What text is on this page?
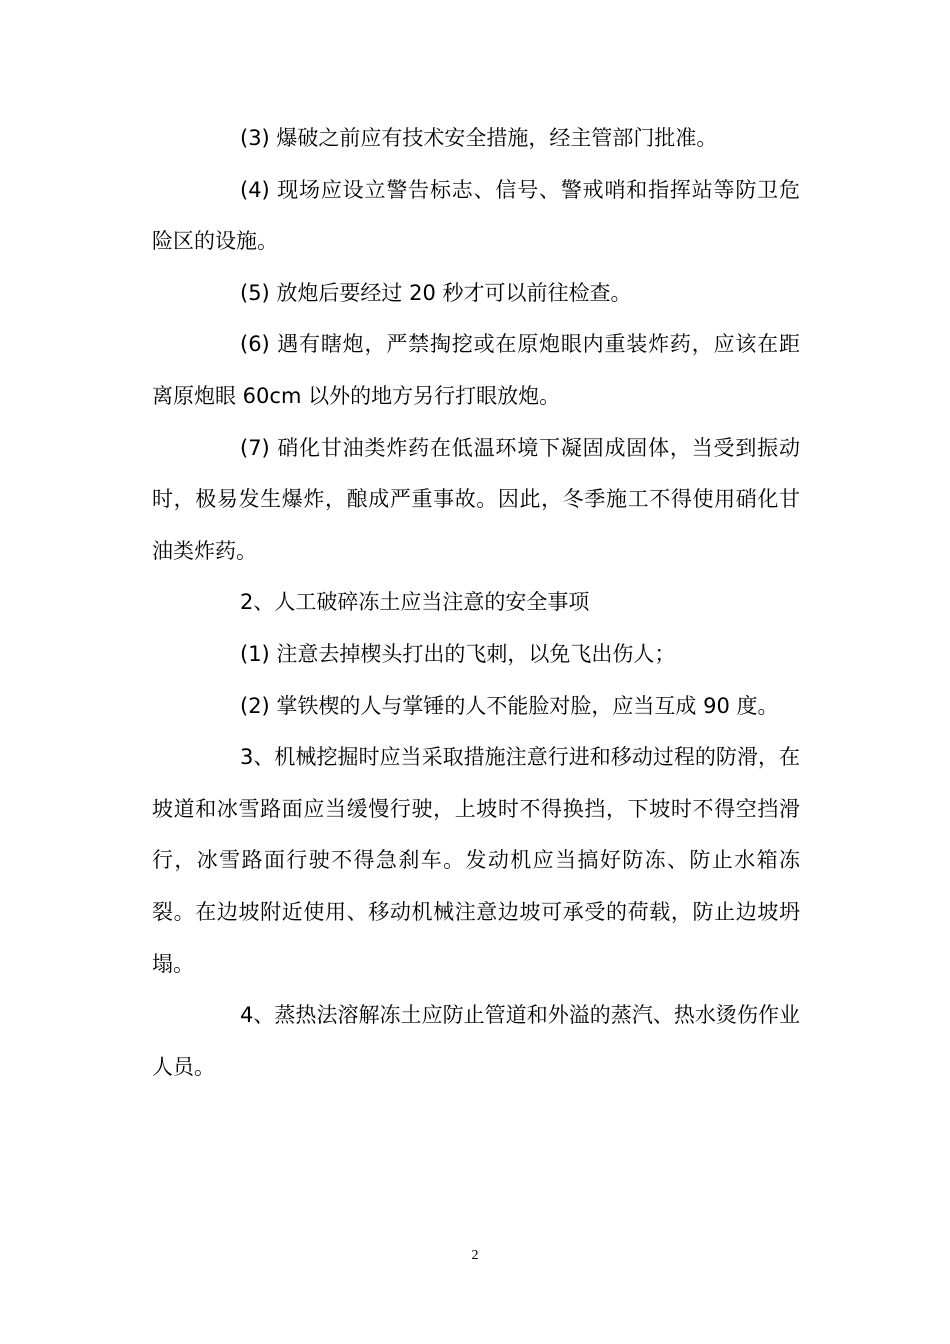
(3) 爆破之前应有技术安全措施，经主管部门批准。

(4) 现场应设立警告标志、信号、警戒哨和指挥站等防卫危险区的设施。

(5) 放炮后要经过 20 秒才可以前往检查。

(6) 遇有瞎炮，严禁掏挖或在原炮眼内重装炸药，应该在距离原炮眼 60cm 以外的地方另行打眼放炮。

(7) 硝化甘油类炸药在低温环境下凝固成固体，当受到振动时，极易发生爆炸，酿成严重事故。因此，冬季施工不得使用硝化甘油类炸药。

2、人工破碎冻土应当注意的安全事项

(1) 注意去掉楔头打出的飞刺，以免飞出伤人；

(2) 掌铁楔的人与掌锤的人不能脸对脸，应当互成 90 度。

3、机械挖掘时应当采取措施注意行进和移动过程的防滑，在坡道和冰雪路面应当缓慢行驶，上坡时不得换挡，下坡时不得空挡滑行，冰雪路面行驶不得急刹车。发动机应当搞好防冻、防止水箱冻裂。在边坡附近使用、移动机械注意边坡可承受的荷载，防止边坡坍塌。

4、蒸热法溶解冻土应防止管道和外溢的蒸汽、热水烫伤作业人员。

2
